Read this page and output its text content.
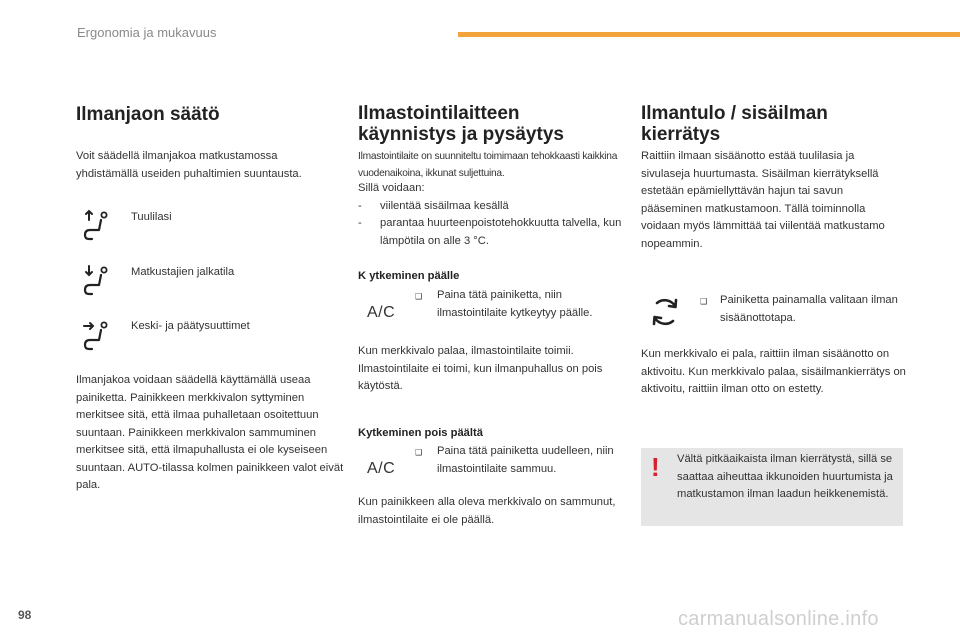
Ergonomia ja mukavuus
Ilmanjaon säätö
Voit säädellä ilmanjakoa matkustamossa yhdistämällä useiden puhaltimien suuntausta.
Tuulilasi
Matkustajien jalkatila
Keski- ja päätysuuttimet
Ilmanjakoa voidaan säädellä käyttämällä useaa painiketta. Painikkeen merkkivalon syttyminen merkitsee sitä, että ilmaa puhalletaan osoitettuun suuntaan. Painikkeen merkkivalon sammuminen merkitsee sitä, että ilmapuhallusta ei ole kyseiseen suuntaan. AUTO-tilassa kolmen painikkeen valot eivät pala.
Ilmastointilaitteen
käynnistys ja pysäytys
Ilmastointilaite on suunniteltu toimimaan tehokkaasti kaikkina vuodenaikoina, ikkunat suljettuina.
Sillä voidaan:
- viilentää sisäilmaa kesällä
- parantaa huurteenpoistotehokkuutta talvella, kun lämpötila on alle 3 °C.
K ytkeminen päälle
A/C
❑ Paina tätä painiketta, niin ilmastointilaite kytkeytyy päälle.
Kun merkkivalo palaa, ilmastointilaite toimii. Ilmastointilaite ei toimi, kun ilmanpuhallus on pois käytöstä.
Kytkeminen pois päältä
A/C
❑ Paina tätä painiketta uudelleen, niin ilmastointilaite sammuu.
Kun painikkeen alla oleva merkkivalo on sammunut, ilmastointilaite ei ole päällä.
Ilmantulo / sisäilman
kierrätys
Raittiin ilmaan sisäänotto estää tuulilasia ja sivulaseja huurtumasta. Sisäilman kierrätyksellä estetään epämiellyttävän hajun tai savun pääseminen matkustamoon. Tällä toiminnolla voidaan myös lämmittää tai viilentää matkustamo nopeammin.
❑ Painiketta painamalla valitaan ilman sisäänottotapa.
Kun merkkivalo ei pala, raittiin ilman sisäänotto on aktivoitu. Kun merkkivalo palaa, sisäilmankierrätys on aktivoitu, raittiin ilman otto on estetty.
! Vältä pitkäaikaista ilman kierrätystä, sillä se saattaa aiheuttaa ikkunoiden huurtumista ja matkustamon ilman laadun heikkenemistä.
98	carmanualsonline.info
